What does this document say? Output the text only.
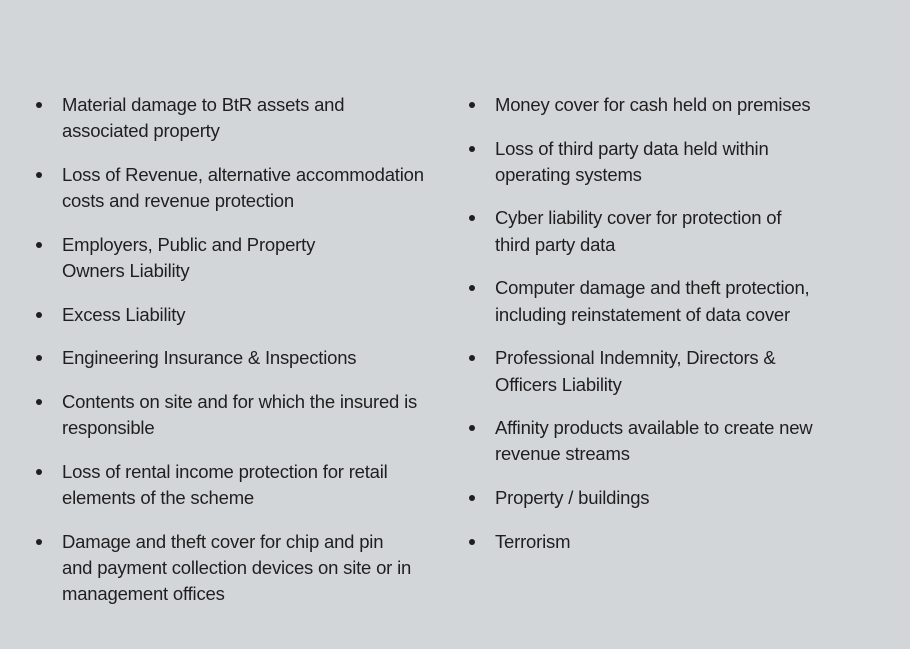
Material damage to BtR assets and
associated property
Loss of Revenue, alternative accommodation
costs and revenue protection
Employers, Public and Property
Owners Liability
Excess Liability
Engineering Insurance & Inspections
Contents on site and for which the insured is
responsible
Loss of rental income protection for retail
elements of the scheme
Damage and theft cover for chip and pin
and payment collection devices on site or in
management offices
Money cover for cash held on premises
Loss of third party data held within
operating systems
Cyber liability cover for protection of
third party data
Computer damage and theft protection,
including reinstatement of data cover
Professional Indemnity, Directors &
Officers Liability
Affinity products available to create new
revenue streams
Property / buildings
Terrorism
